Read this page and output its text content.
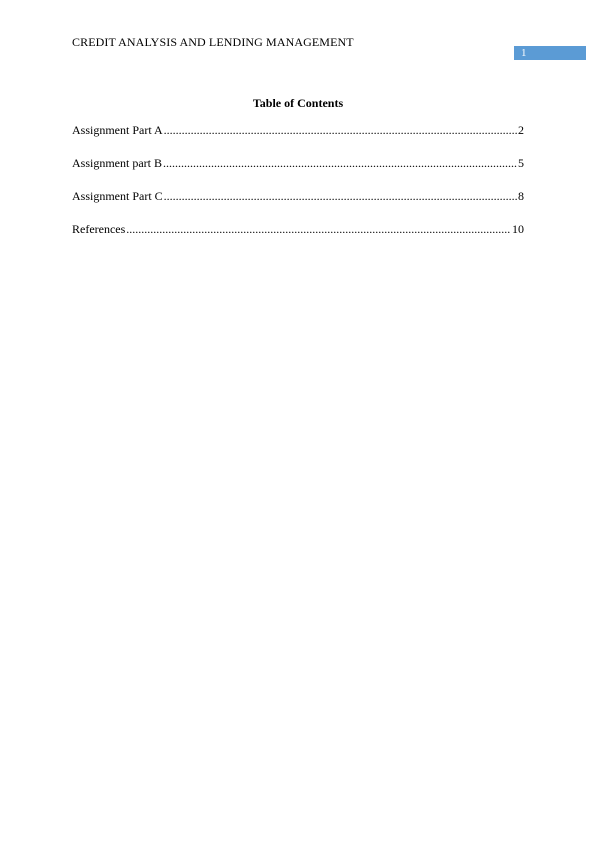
CREDIT ANALYSIS AND LENDING MANAGEMENT
1
Table of Contents
Assignment Part A .....	2
Assignment part B .....	5
Assignment Part C .....	8
References .....	10
